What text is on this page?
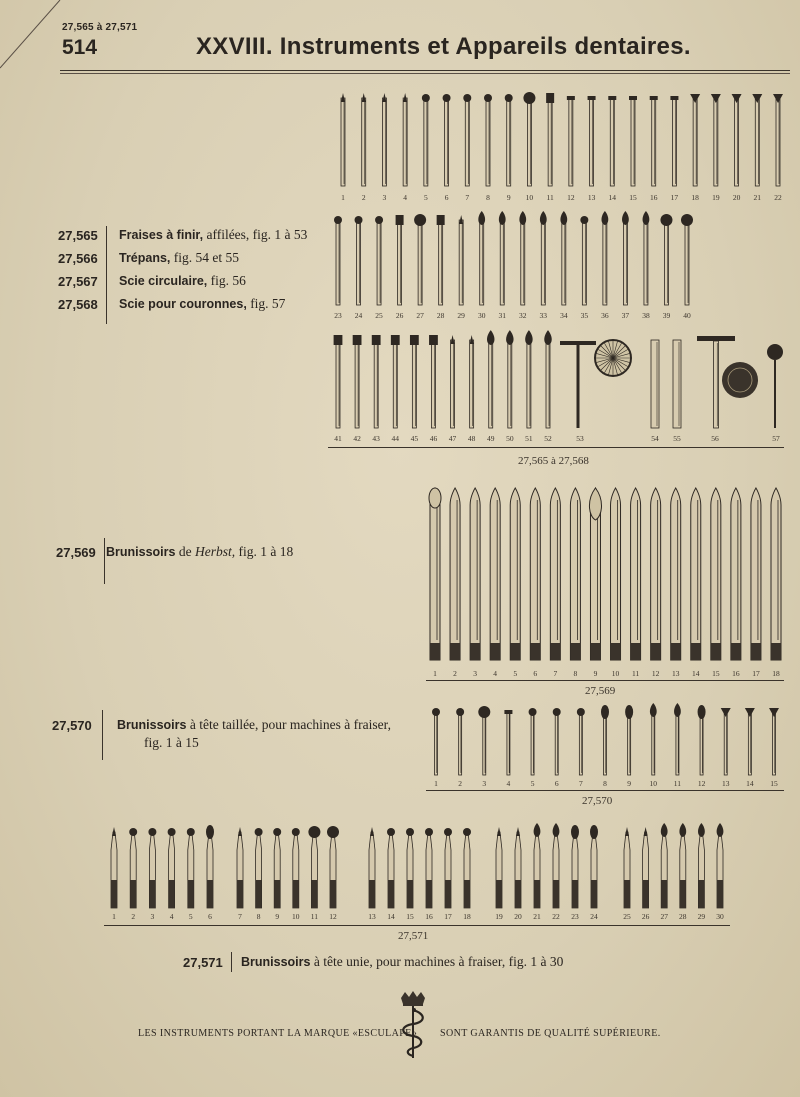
27,565 à 27,571
514	XXVIII. Instruments et Appareils dentaires.
27,565 Fraises à finir, affilées, fig. 1 à 53
27,566 Trépans, fig. 54 et 55
27,567 Scie circulaire, fig. 56
27,568 Scie pour couronnes, fig. 57
27,569 Brunissoirs de Herbst, fig. 1 à 18
27,570 Brunissoirs à tête taillée, pour machines à fraiser,
fig. 1 à 15
27,571 Brunissoirs à tête unie, pour machines à fraiser, fig. 1 à 30
1 2 3 4 5 6 7 8 9 10 11 12 13 14 15 16 17 18 19 20 21 22
23 24 25 26 27 28 29 30 31 32 33 34 35 36 37 38 39 40
41 42 43 44 45 46 47 48 49 50 51 52	53	54 55	56	57
1 2 3 4 5 6 7 8 9 10 11 12 13 14 15 16 17 18
1	2	3	4	5	6	7	8	9 10 11 12 13 14 15
1 2 3 4 5 6	7 8 9 10 11 12	13 14 15 16 17 18	19 20 21 22 23 24	25 26 27 28 29 30
27,565 à 27,568
27,569
27,570
27,571
LES INSTRUMENTS PORTANT LA MARQUE «ESCULAPE» SONT GARANTIS DE QUALITÉ SUPÉRIEURE.
